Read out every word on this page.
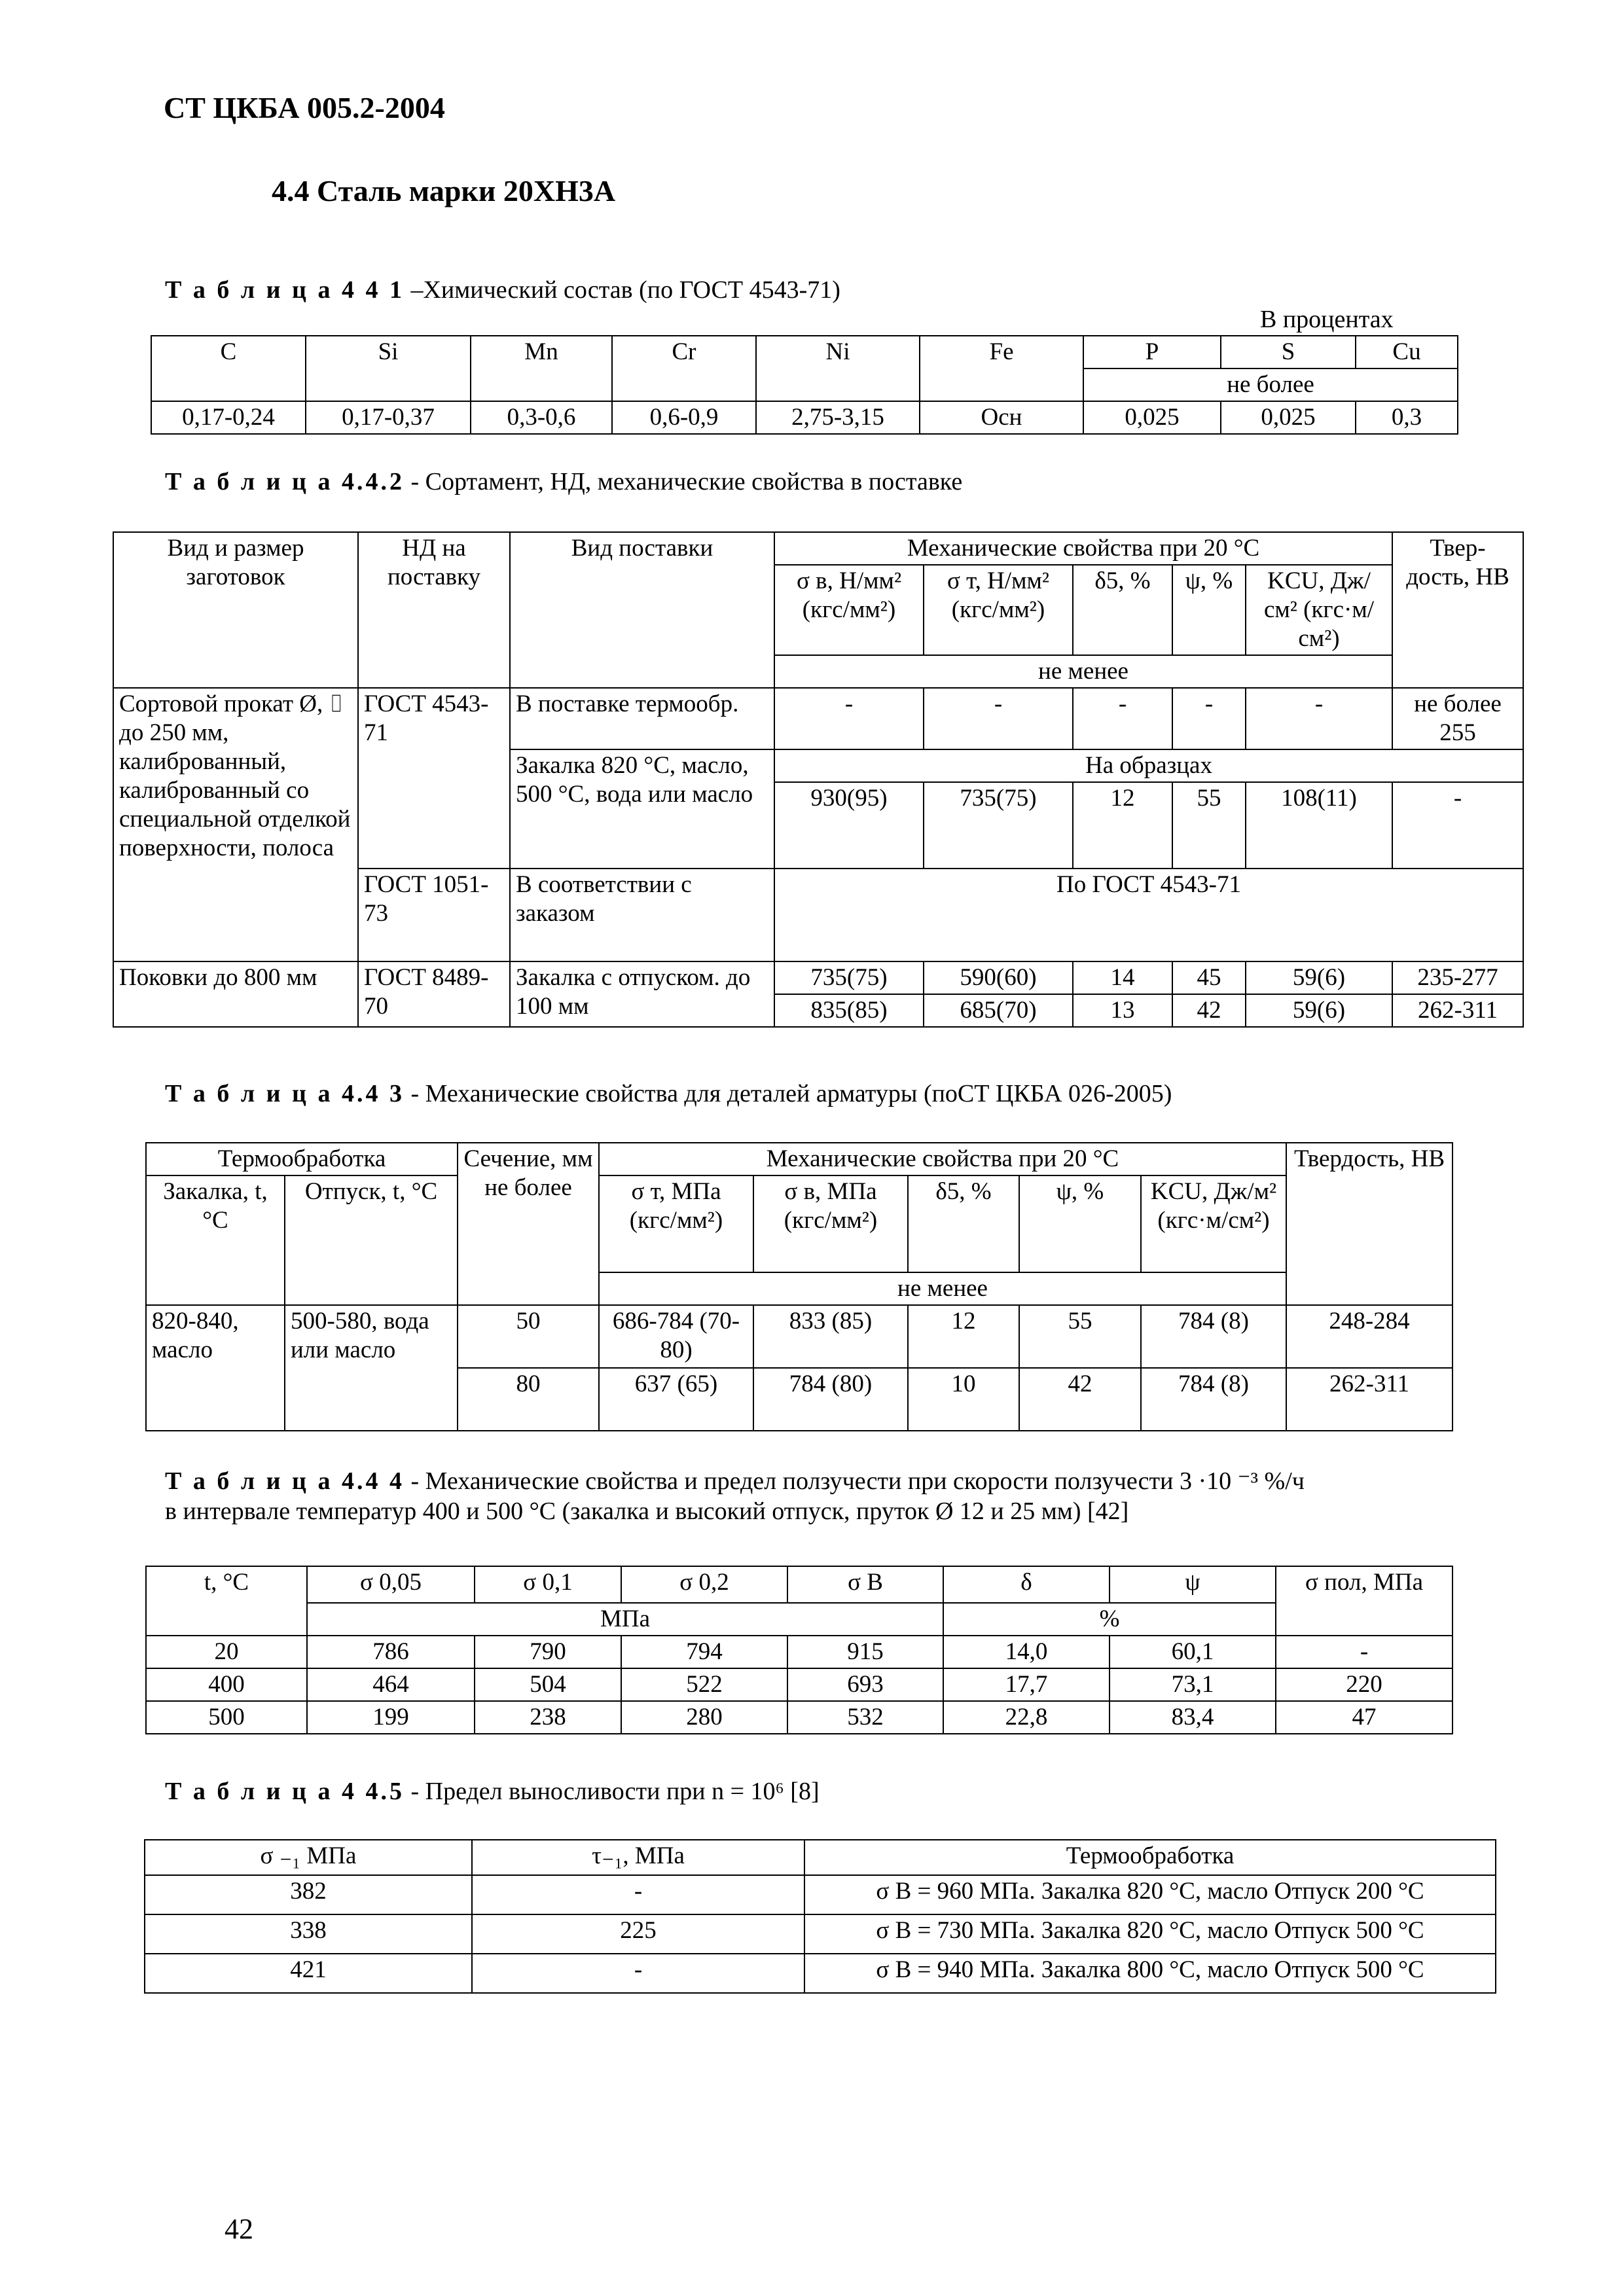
СТ ЦКБА 005.2-2004
4.4 Сталь марки 20ХН3А
Т а б л и ц а 4 4 1 –Химический состав (по ГОСТ 4543-71)
В процентах
C	Si	Mn	Cr	Ni	Fe	P	S	Cu
						не более		
0,17-0,24	0,17-0,37	0,3-0,6	0,6-0,9	2,75-3,15	Осн	0,025	0,025	0,3
Т а б л и ц а 4.4.2 - Сортамент, НД, механические свойства в поставке
Вид и размер заготовок	НД на поставку	Вид поставки	Механические свойства при 20 °С					Твер-дость, НВ
			σ в, Н/мм² (кгс/мм²)	σ т, Н/мм² (кгс/мм²)	δ5, %	ψ, %	KCU, Дж/см² (кгс·м/см²)	
			не менее					
Сортовой прокат Ø, ⌷ до 250 мм, калиброванный, калиброванный со специальной отделкой поверхности, полоса	ГОСТ 4543-71	В поставке термообр.	-	-	-	-	-	не более 255
		Закалка 820 °С, масло, 500 °С, вода или масло	На образцах					
			930(95)	735(75)	12	55	108(11)	-
	ГОСТ 1051-73	В соответствии с заказом	По ГОСТ 4543-71					
Поковки до 800 мм	ГОСТ 8489-70	Закалка с отпуском. до 100 мм	735(75)	590(60)	14	45	59(6)	235-277
			835(85)	685(70)	13	42	59(6)	262-311
Т а б л и ц а 4.4 3 - Механические свойства для деталей арматуры (поСТ ЦКБА 026-2005)
Термообработка		Сечение, мм не более	Механические свойства при 20 °С					Твердость, НВ
Закалка, t, °С	Отпуск, t, °С		σ т, МПа (кгс/мм²)	σ в, МПа (кгс/мм²)	δ5, %	ψ, %	KCU, Дж/м² (кгс·м/см²)	
			не менее					
820-840, масло	500-580, вода или масло	50	686-784 (70-80)	833 (85)	12	55	784 (8)	248-284
		80	637 (65)	784 (80)	10	42	784 (8)	262-311
Т а б л и ц а 4.4 4 - Механические свойства и предел ползучести при скорости ползучести 3 ·10 ⁻³ %/ч
в интервале температур 400 и 500 °С (закалка и высокий отпуск, пруток Ø 12 и 25 мм) [42]
t, °С	σ 0,05	σ 0,1	σ 0,2	σ В	δ	ψ	σ пол, МПа
	МПа				%		
20	786	790	794	915	14,0	60,1	-
400	464	504	522	693	17,7	73,1	220
500	199	238	280	532	22,8	83,4	47
Т а б л и ц а 4 4.5 - Предел выносливости при n = 10⁶ [8]
σ ₋₁ МПа	τ₋₁, МПа	Термообработка
382	-	σ В = 960 МПа. Закалка 820 °С, масло Отпуск 200 °С
338	225	σ В = 730 МПа. Закалка 820 °С, масло Отпуск 500 °С
421	-	σ В = 940 МПа. Закалка 800 °С, масло Отпуск 500 °С
42
